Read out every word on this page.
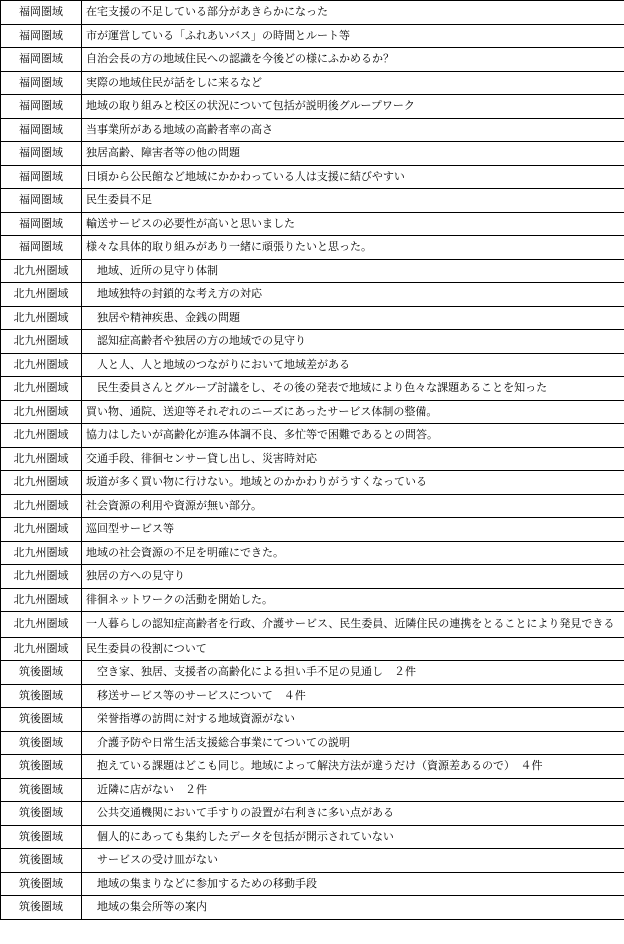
福岡圏域	在宅支援の不足している部分があきらかになった
福岡圏域	市が運営している「ふれあいバス」の時間とルート等
福岡圏域	自治会長の方の地域住民への認識を今後どの様にふかめるか？
福岡圏域	実際の地域住民が話をしに来るなど
福岡圏域	地域の取り組みと校区の状況について包括が説明後グループワーク
福岡圏域	当事業所がある地域の高齢者率の高さ
福岡圏域	独居高齢、障害者等の他の問題
福岡圏域	日頃から公民館など地域にかかわっている人は支援に結びやすい
福岡圏域	民生委員不足
福岡圏域	輸送サービスの必要性が高いと思いました
福岡圏域	様々な具体的取り組みがあり一緒に頑張りたいと思った。
北九州圏域	　地域、近所の見守り体制
北九州圏域	　地域独特の封鎖的な考え方の対応
北九州圏域	　独居や精神疾患、金銭の問題
北九州圏域	　認知症高齢者や独居の方の地域での見守り
北九州圏域	　人と人、人と地域のつながりにおいて地域差がある
北九州圏域	　民生委員さんとグループ討議をし、その後の発表で地域により色々な課題あることを知った
北九州圏域	買い物、通院、送迎等それぞれのニーズにあったサービス体制の整備。
北九州圏域	協力はしたいが高齢化が進み体調不良、多忙等で困難であるとの問答。
北九州圏域	交通手段、徘徊センサー貸し出し、災害時対応
北九州圏域	坂道が多く買い物に行けない。地域とのかかわりがうすくなっている
北九州圏域	社会資源の利用や資源が無い部分。
北九州圏域	巡回型サービス等
北九州圏域	地域の社会資源の不足を明確にできた。
北九州圏域	独居の方への見守り
北九州圏域	徘徊ネットワークの活動を開始した。
北九州圏域	一人暮らしの認知症高齢者を行政、介護サービス、民生委員、近隣住民の連携をとることにより発見できる
北九州圏域	民生委員の役割について
筑後圏域	　空き家、独居、支援者の高齢化による担い手不足の見通し　２件
筑後圏域	　移送サービス等のサービスについて　４件
筑後圏域	　栄誉指導の訪問に対する地域資源がない
筑後圏域	　介護予防や日常生活支援総合事業にてついての説明
筑後圏域	　抱えている課題はどこも同じ。地域によって解決方法が違うだけ（資源差あるので）　４件
筑後圏域	　近隣に店がない　２件
筑後圏域	　公共交通機関において手すりの設置が右利きに多い点がある
筑後圏域	　個人的にあっても集約したデータを包括が開示されていない
筑後圏域	　サービスの受け皿がない
筑後圏域	　地域の集まりなどに参加するための移動手段
筑後圏域	　地域の集会所等の案内
